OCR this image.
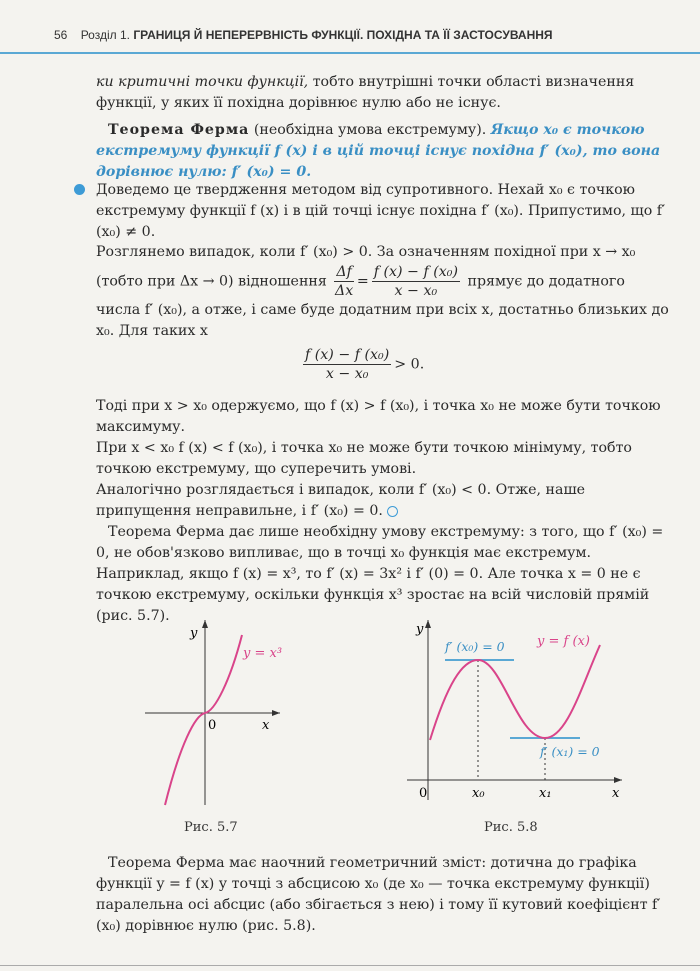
56 Розділ 1. ГРАНИЦЯ Й НЕПЕРЕРВНІСТЬ ФУНКЦІЇ. ПОХІДНА ТА ЇЇ ЗАСТОСУВАННЯ
ки критичні точки функції, тобто внутрішні точки області визначення функції, у яких її похідна дорівнює нулю або не існує.
Теорема Ферма (необхідна умова екстремуму). Якщо x₀ є точкою екстремуму функції f (x) і в цій точці існує похідна f′ (x₀), то вона дорівнює нулю: f′ (x₀) = 0.
Доведемо це твердження методом від супротивного. Нехай x₀ є точкою екстремуму функції f (x) і в цій точці існує похідна f′ (x₀). Припустимо, що f′ (x₀) ≠ 0.
Розглянемо випадок, коли f′ (x₀) > 0. За означенням похідної при x → x₀ (тобто при Δx → 0) відношення $\frac{\Delta f}{\Delta x} = \frac{\text{f (x) − f (x₀)}}{\text{x − x₀}}$ прямує до додатного числа f′ (x₀), а отже, і саме буде додатним при всіх x, достатньо близьких до x₀. Для таких x
$\frac{\text{f (x) − f (x₀)}}{\text{x − x₀}} > 0$.
Тоді при x > x₀ одержуємо, що f (x) > f (x₀), і точка x₀ не може бути точкою максимуму.
При x < x₀ f (x) < f (x₀), і точка x₀ не може бути точкою мінімуму, тобто точкою екстремуму, що суперечить умові.
Аналогічно розглядається і випадок, коли f′ (x₀) < 0. Отже, наше припущення неправильне, і f′ (x₀) = 0.
Теорема Ферма дає лише необхідну умову екстремуму: з того, що f′ (x₀) = 0, не обов'язково випливає, що в точці x₀ функція має екстремум. Наприклад, якщо f (x) = x³, то f′ (x) = 3x² і f′ (0) = 0. Але точка x = 0 не є точкою екстремуму, оскільки функція x³ зростає на всій числовій прямій (рис. 5.7).
y
x
0
y = x³
Рис. 5.7
y
x
0	x₀	x₁
y = f (x)
f′ (x₀) = 0
f′ (x₁) = 0
Рис. 5.8
Теорема Ферма має наочний геометричний зміст: дотична до графіка функції y = f (x) у точці з абсцисою x₀ (де x₀ — точка екстремуму функції) паралельна осі абсцис (або збігається з нею) і тому її кутовий коефіцієнт f′ (x₀) дорівнює нулю (рис. 5.8).
